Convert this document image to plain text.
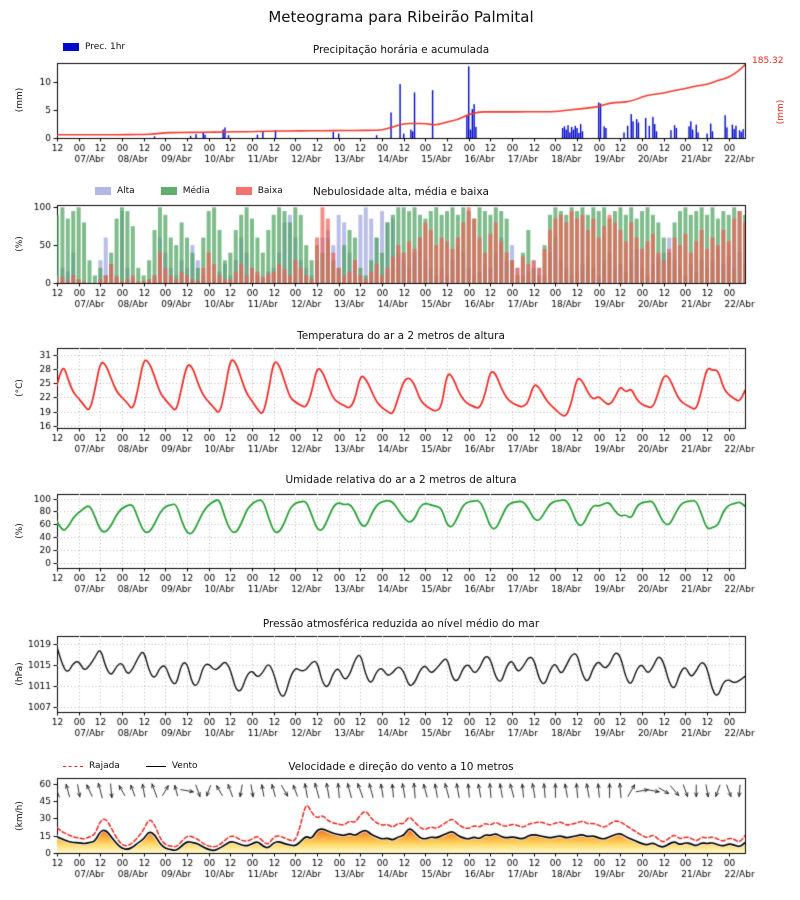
Meteograma para Ribeirão Palmital
Prec. 1hr	Precipitação horária e acumulada
185.32
(mm)	(mm)
Alta	Média	Baixa	Nebulosidade alta, média e baixa
(%)
Temperatura do ar a 2 metros de altura
(°C)
Umidade relativa do ar a 2 metros de altura
(%)
Pressão atmosférica reduzida ao nível médio do mar
(hPa)
Rajada	Vento	Velocidade e direção do vento a 10 metros
(km/h)
